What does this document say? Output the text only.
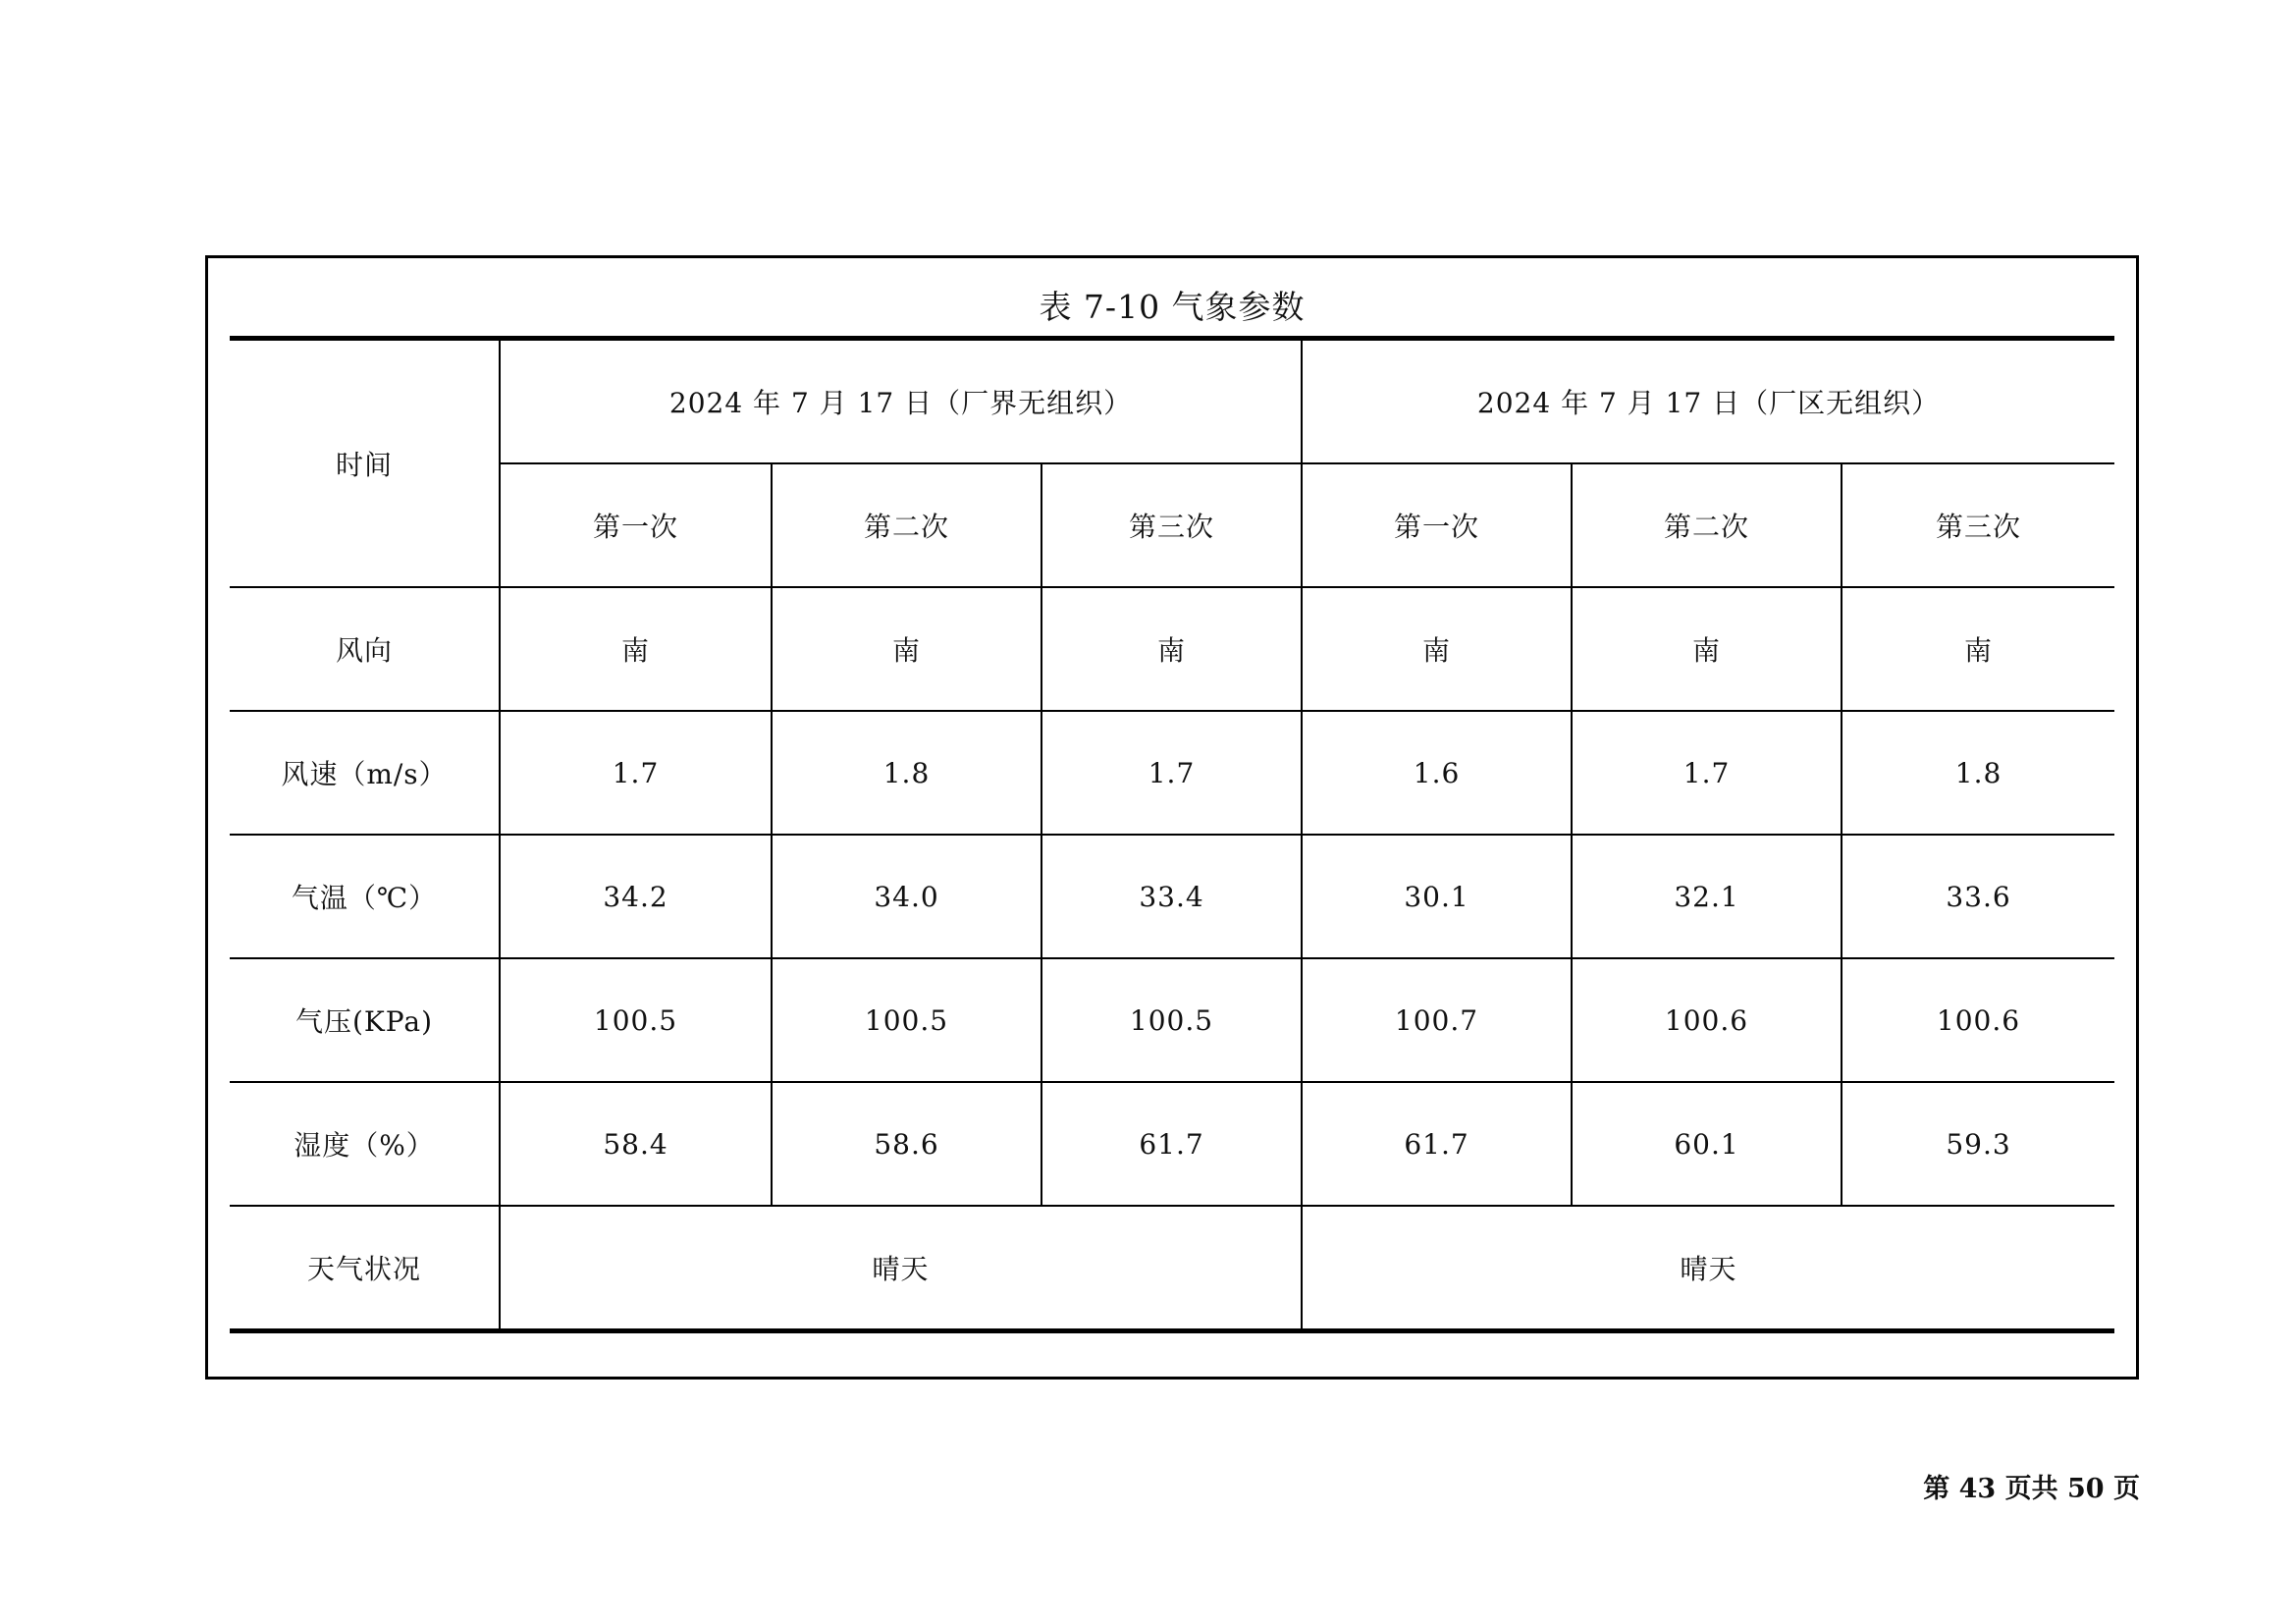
表 7-10 气象参数
时间	2024 年 7 月 17 日（厂界无组织）			2024 年 7 月 17 日（厂区无组织）		
	第一次	第二次	第三次	第一次	第二次	第三次
风向	南	南	南	南	南	南
风速（m/s）	1.7	1.8	1.7	1.6	1.7	1.8
气温（℃）	34.2	34.0	33.4	30.1	32.1	33.6
气压(KPa)	100.5	100.5	100.5	100.7	100.6	100.6
湿度（%）	58.4	58.6	61.7	61.7	60.1	59.3
天气状况	晴天			晴天		
第 43 页共 50 页
